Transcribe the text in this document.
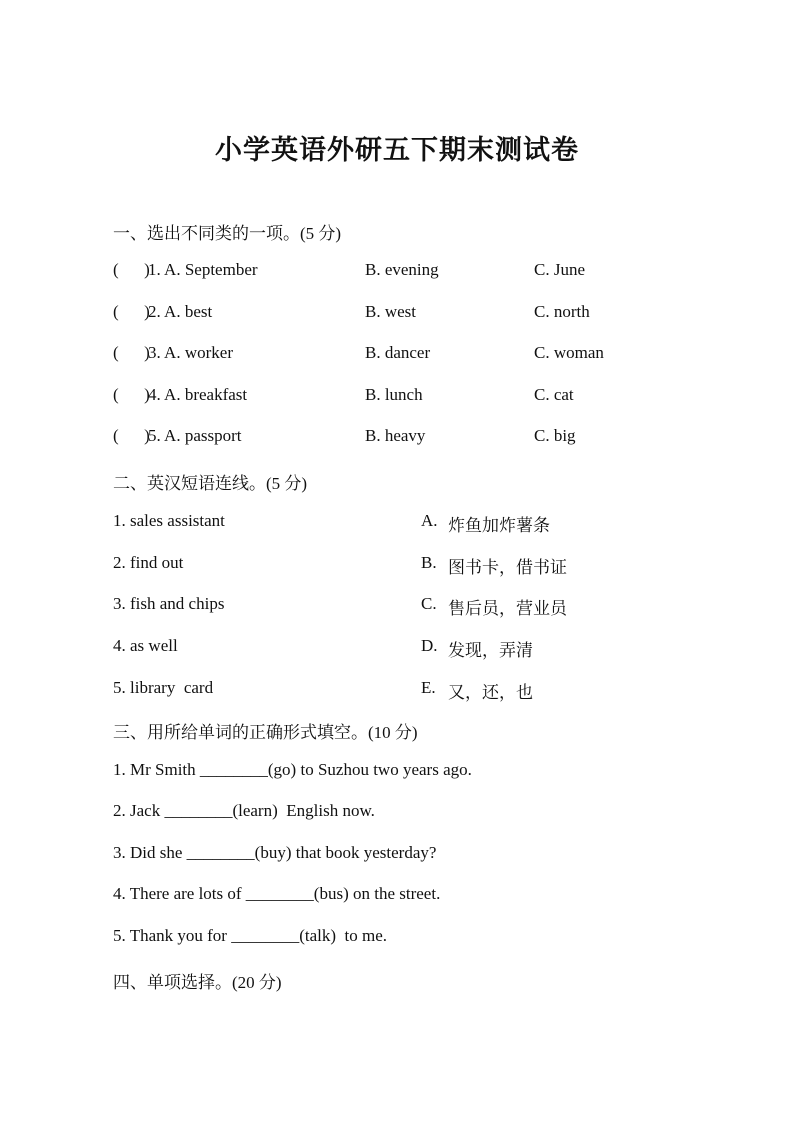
小学英语外研五下期末测试卷
一、选出不同类的一项。(5 分)
(      )
1. A. September	B. evening	C. June
(      )
2. A. best	B. west	C. north
(      )
3. A. worker	B. dancer	C. woman
(      )
4. A. breakfast	B. lunch	C. cat
(      )
5. A. passport	B. heavy	C. big
二、英汉短语连线。(5 分)
1. sales assistant	A. 炸鱼加炸薯条
2. find out	B. 图书卡，借书证
3. fish and chips	C. 售后员，营业员
4. as well	D. 发现，弄清
5. library  card	E. 又，还，也
三、用所给单词的正确形式填空。(10 分)
1. Mr Smith ________(go) to Suzhou two years ago.
2. Jack ________(learn)  English now.
3. Did she ________(buy) that book yesterday?
4. There are lots of ________(bus) on the street.
5. Thank you for ________(talk)  to me.
四、单项选择。(20 分)
